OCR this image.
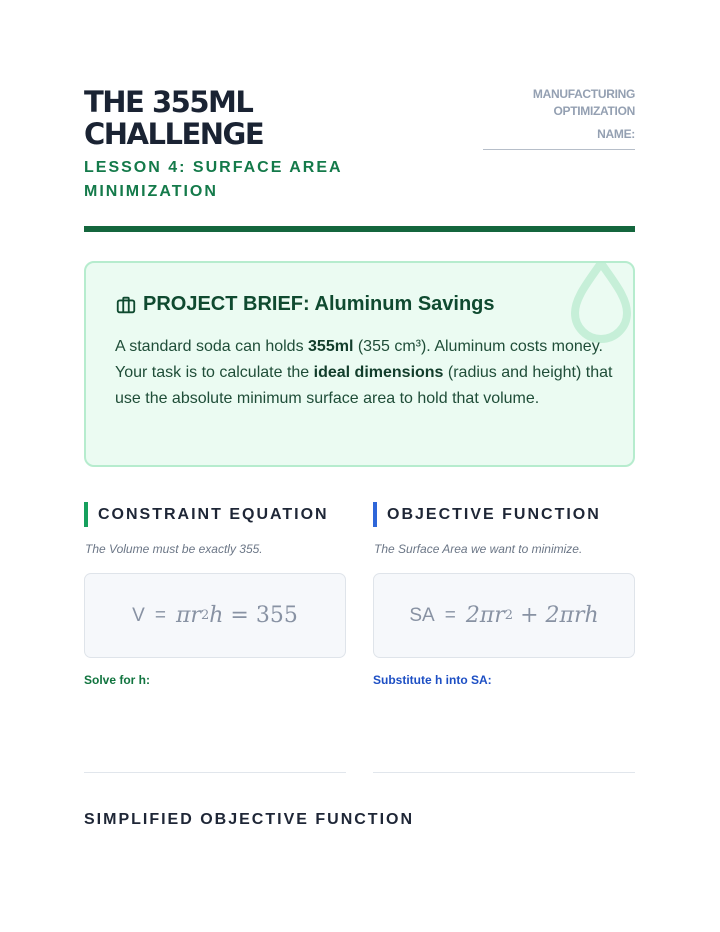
THE 355ML
CHALLENGE
LESSON 4: SURFACE AREA
MINIMIZATION
MANUFACTURING
OPTIMIZATION
NAME:
PROJECT BRIEF: Aluminum Savings

A standard soda can holds 355ml (355 cm³). Aluminum costs money. Your task is to calculate the ideal dimensions (radius and height) that use the absolute minimum surface area to hold that volume.

CONSTRAINT EQUATION	OBJECTIVE FUNCTION
The Volume must be exactly 355.	The Surface Area we want to minimize.
V = πr 2 h = 355	SA = 2πr 2 + 2πrh
Solve for h:	Substitute h into SA:
SIMPLIFIED OBJECTIVE FUNCTION
